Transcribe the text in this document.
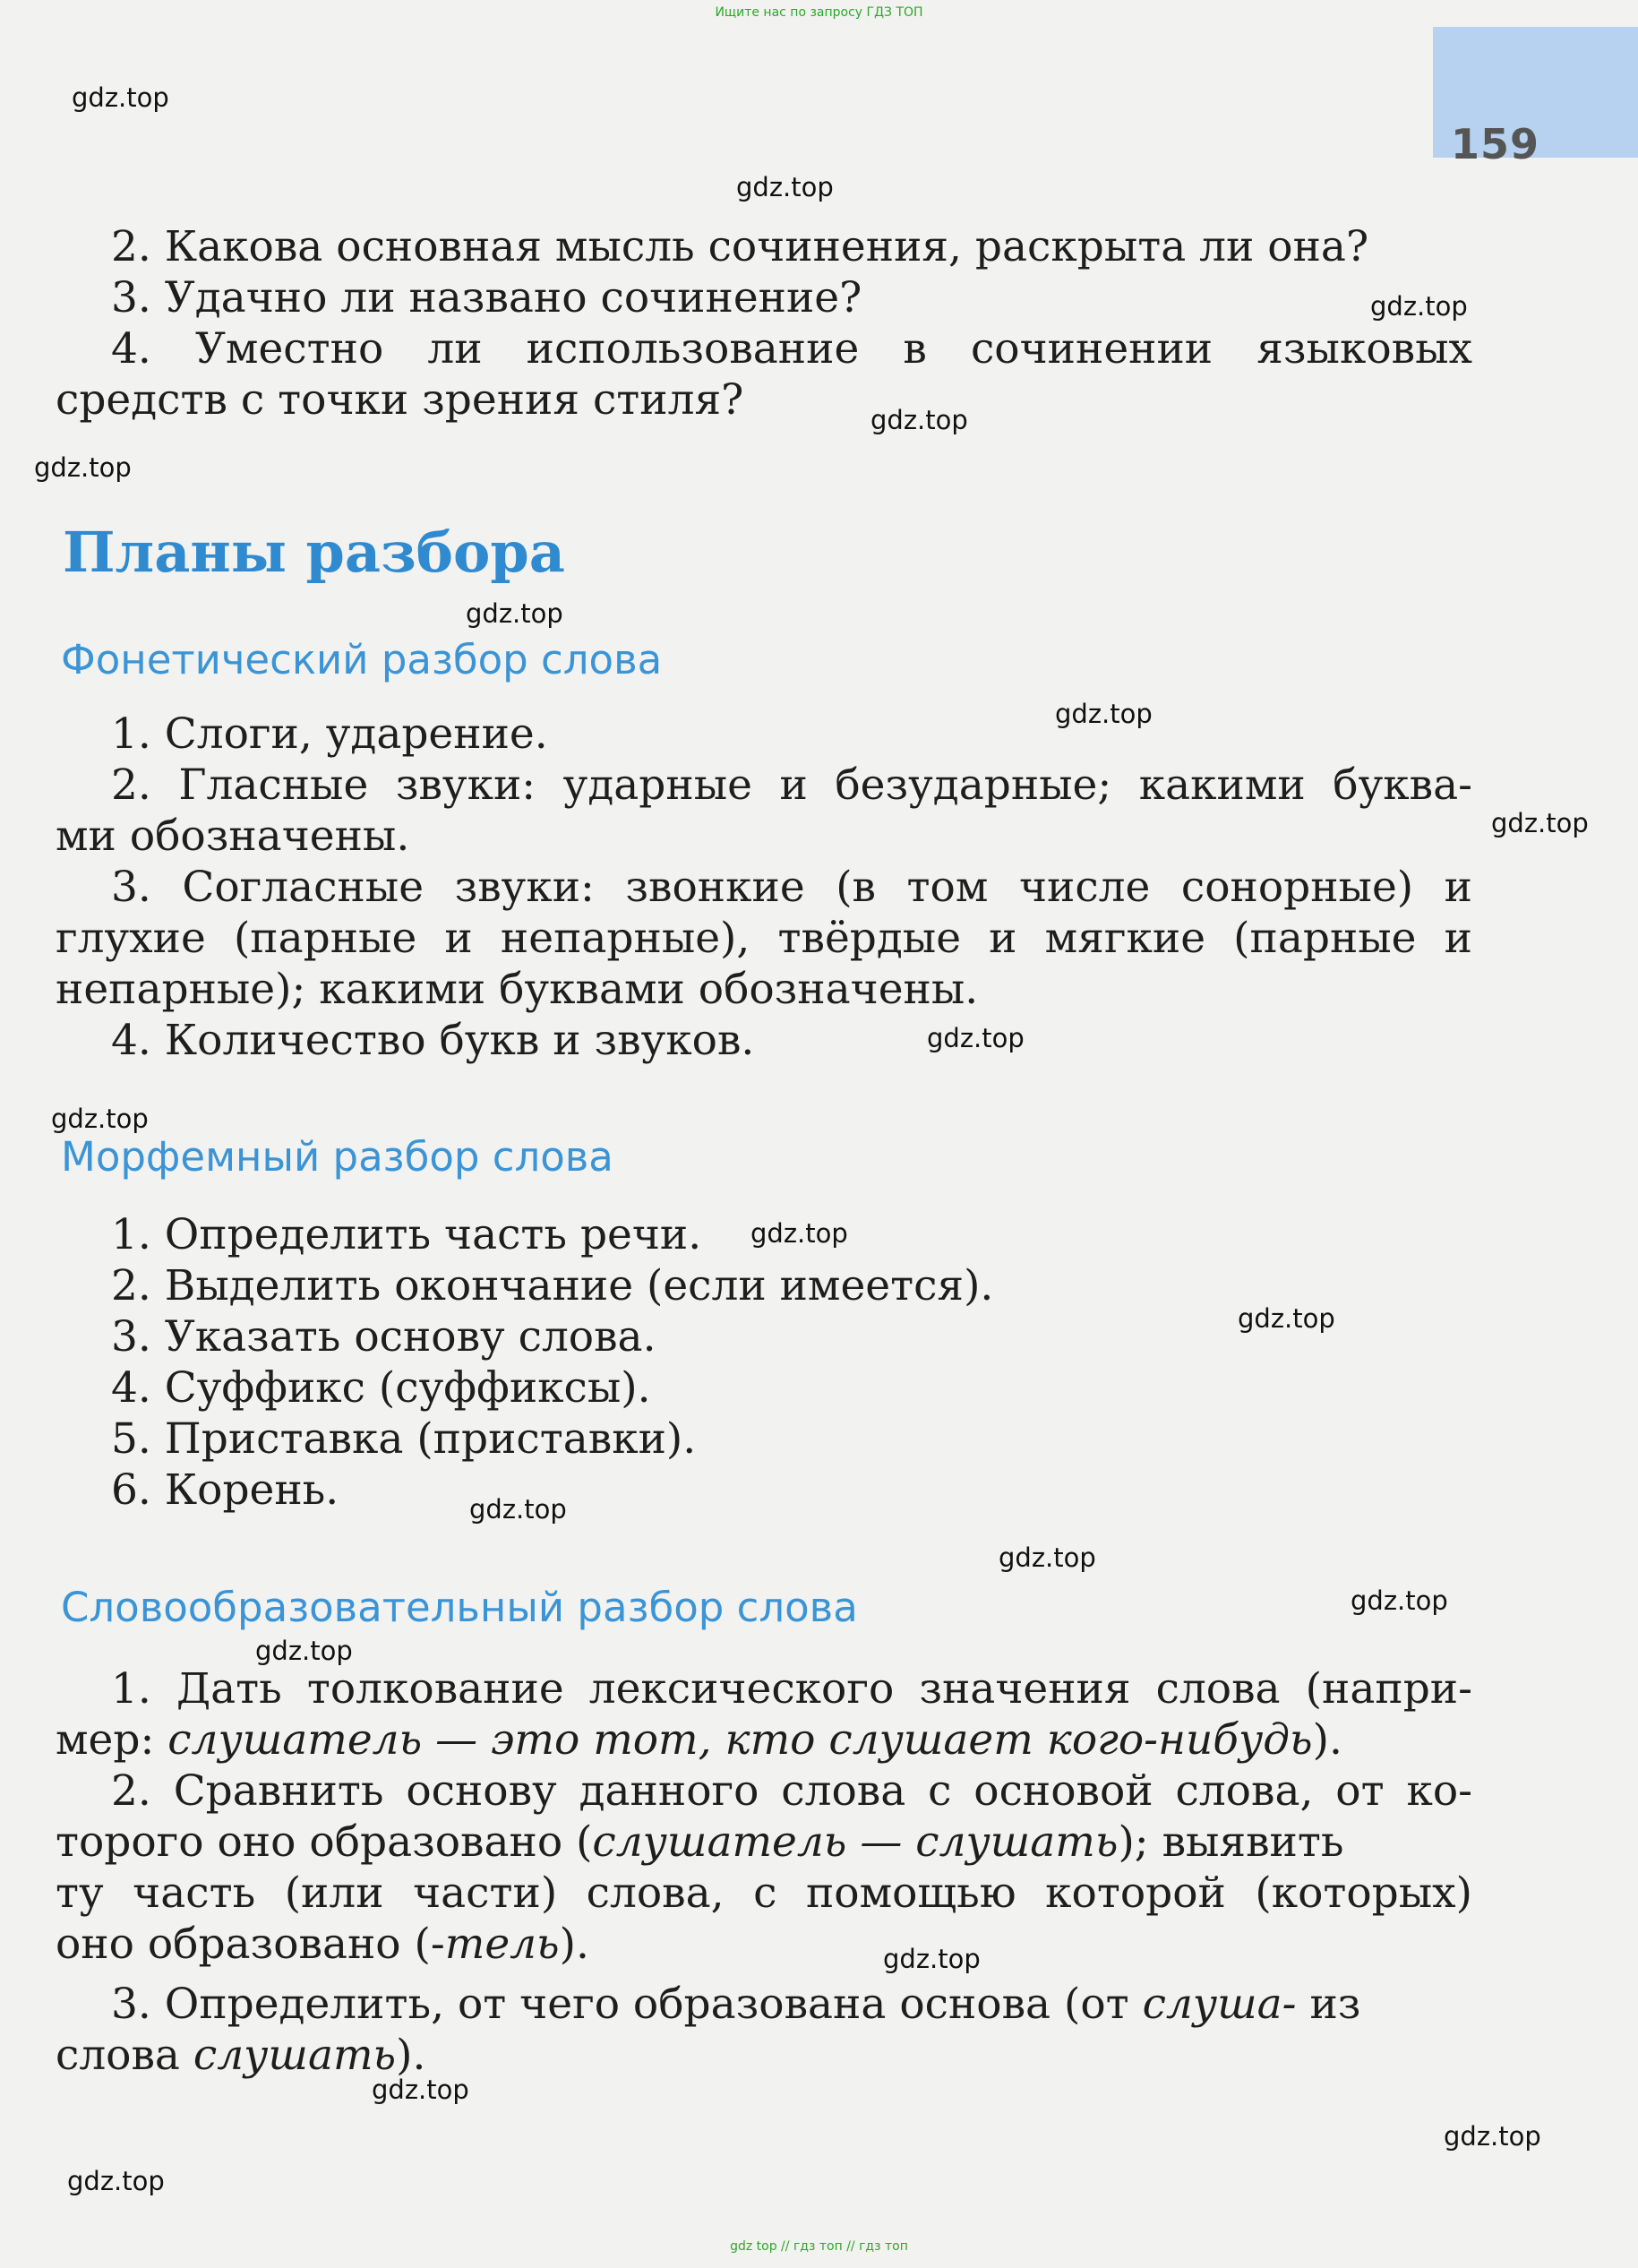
Ищите нас по запросу ГДЗ ТОП
159
2. Какова основная мысль сочинения, раскрыта ли она?
3. Удачно ли названо сочинение?
4. Уместно ли использование в сочинении языковых
средств с точки зрения стиля?
Планы разбора
Фонетический разбор слова
1. Слоги, ударение.
2. Гласные звуки: ударные и безударные; какими буква-
ми обозначены.
3. Согласные звуки: звонкие (в том числе сонорные) и
глухие (парные и непарные), твёрдые и мягкие (парные и
непарные); какими буквами обозначены.
4. Количество букв и звуков.
Морфемный разбор слова
1. Определить часть речи.
2. Выделить окончание (если имеется).
3. Указать основу слова.
4. Суффикс (суффиксы).
5. Приставка (приставки).
6. Корень.
Словообразовательный разбор слова
1. Дать толкование лексического значения слова (напри-
мер: слушатель — это тот, кто слушает кого-нибудь).
2. Сравнить основу данного слова с основой слова, от ко-
торого оно образовано (слушатель — слушать); выявить
ту часть (или части) слова, с помощью которой (которых)
оно образовано (-тель).
3. Определить, от чего образована основа (от слуша- из
слова слушать).
gdz.top
gdz.top
gdz.top
gdz.top
gdz.top
gdz.top
gdz.top
gdz.top
gdz.top
gdz.top
gdz.top
gdz.top
gdz.top
gdz.top
gdz.top
gdz.top
gdz.top
gdz.top
gdz.top
gdz.top
gdz top // гдз топ // гдз топ
